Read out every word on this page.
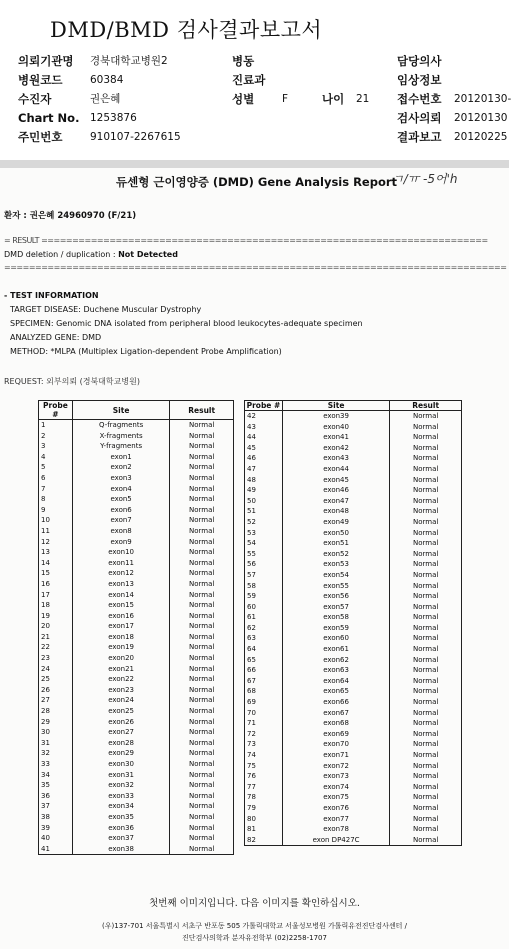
DMD/BMD 검사결과보고서
의뢰기관명 경북대학교병원2	병동	담당의사
병원코드	60384	진료과	임상정보
수진자	권은혜	성별	F	나이 21 접수번호 20120130-
Chart No. 1253876	검사의뢰 20120130
주민번호	910107-2267615	결과보고 20120225
듀센형 근이영양증 (DMD) Gene Analysis Report
ㄱ/ㅠ -5어'h
환자 : 권은혜 24960970 (F/21)
= RESULT ========================================================================
DMD deletion / duplication : Not Detected
=================================================================================
- TEST INFORMATION
TARGET DISEASE: Duchene Muscular Dystrophy
SPECIMEN: Genomic DNA isolated from peripheral blood leukocytes-adequate specimen
ANALYZED GENE: DMD
METHOD: *MLPA (Multiplex Ligation-dependent Probe Amplification)
REQUEST: 외부의뢰 (경북대학교병원)
Probe #	Site	Result
1	Q-fragments	Normal
2	X-fragments	Normal
3	Y-fragments	Normal
4	exon1	Normal
5	exon2	Normal
6	exon3	Normal
7	exon4	Normal
8	exon5	Normal
9	exon6	Normal
10	exon7	Normal
11	exon8	Normal
12	exon9	Normal
13	exon10	Normal
14	exon11	Normal
15	exon12	Normal
16	exon13	Normal
17	exon14	Normal
18	exon15	Normal
19	exon16	Normal
20	exon17	Normal
21	exon18	Normal
22	exon19	Normal
23	exon20	Normal
24	exon21	Normal
25	exon22	Normal
26	exon23	Normal
27	exon24	Normal
28	exon25	Normal
29	exon26	Normal
30	exon27	Normal
31	exon28	Normal
32	exon29	Normal
33	exon30	Normal
34	exon31	Normal
35	exon32	Normal
36	exon33	Normal
37	exon34	Normal
38	exon35	Normal
39	exon36	Normal
40	exon37	Normal
41	exon38	Normal
Probe #	Site	Result
42	exon39	Normal
43	exon40	Normal
44	exon41	Normal
45	exon42	Normal
46	exon43	Normal
47	exon44	Normal
48	exon45	Normal
49	exon46	Normal
50	exon47	Normal
51	exon48	Normal
52	exon49	Normal
53	exon50	Normal
54	exon51	Normal
55	exon52	Normal
56	exon53	Normal
57	exon54	Normal
58	exon55	Normal
59	exon56	Normal
60	exon57	Normal
61	exon58	Normal
62	exon59	Normal
63	exon60	Normal
64	exon61	Normal
65	exon62	Normal
66	exon63	Normal
67	exon64	Normal
68	exon65	Normal
69	exon66	Normal
70	exon67	Normal
71	exon68	Normal
72	exon69	Normal
73	exon70	Normal
74	exon71	Normal
75	exon72	Normal
76	exon73	Normal
77	exon74	Normal
78	exon75	Normal
79	exon76	Normal
80	exon77	Normal
81	exon78	Normal
82	exon DP427C	Normal
첫번째 이미지입니다. 다음 이미지를 확인하십시오.
(우)137-701 서울특별시 서초구 반포동 505 가톨릭대학교 서울성모병원 가톨릭유전진단검사센터 /
진단검사의학과 분자유전학부 (02)2258-1707
